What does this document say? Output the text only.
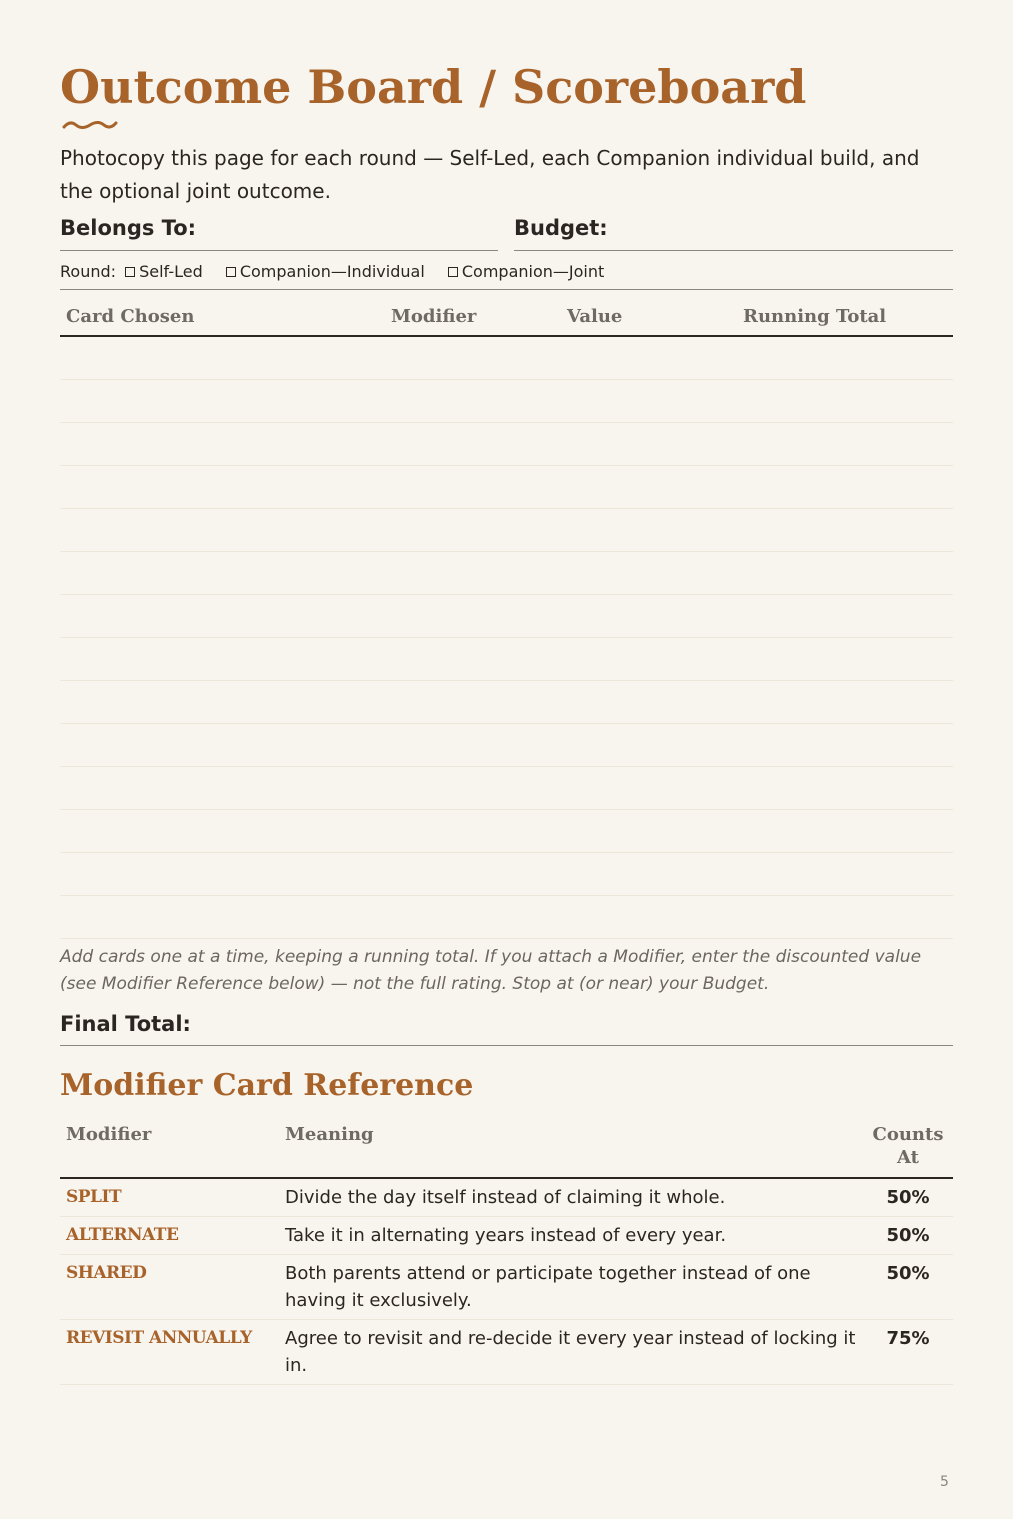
Outcome Board / Scoreboard
Photocopy this page for each round — Self-Led, each Companion individual build, and the optional joint outcome.
Belongs To:	Budget:
Round: Self-Led Companion—Individual Companion—Joint
Card Chosen	Modifier	Value	Running Total
Add cards one at a time, keeping a running total. If you attach a Modifier, enter the discounted value (see Modifier Reference below) — not the full rating. Stop at (or near) your Budget.
Final Total:
Modifier Card Reference
Modifier	Meaning	Counts
At
SPLIT	Divide the day itself instead of claiming it whole.	50%
ALTERNATE	Take it in alternating years instead of every year.	50%
SHARED	Both parents attend or participate together instead of one having it exclusively.	50%
REVISIT ANNUALLY	Agree to revisit and re-decide it every year instead of locking it in.	75%
5
